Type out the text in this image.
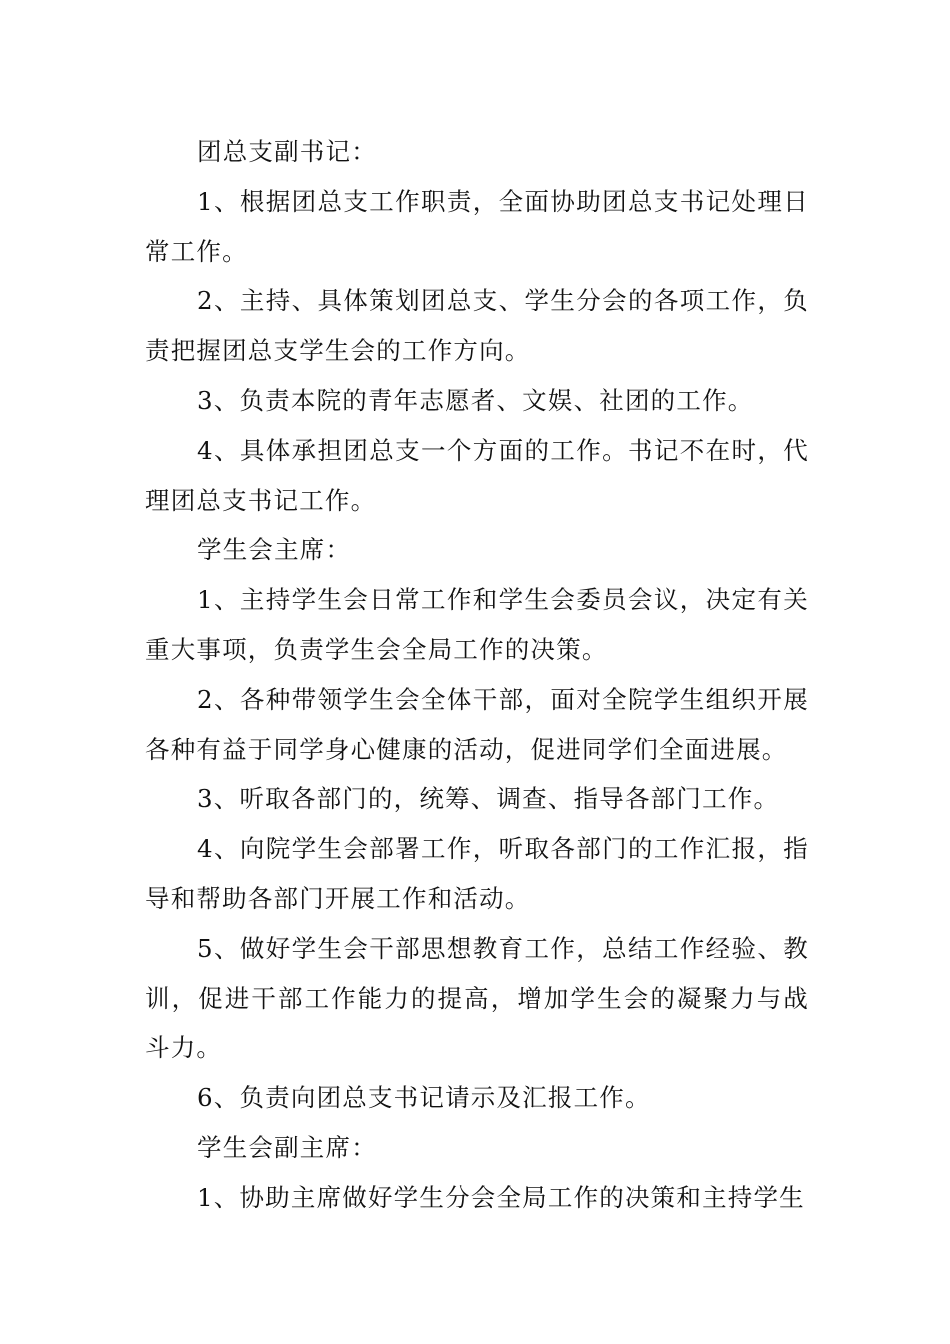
团总支副书记：

1、根据团总支工作职责，全面协助团总支书记处理日常工作。

2、主持、具体策划团总支、学生分会的各项工作，负责把握团总支学生会的工作方向。

3、负责本院的青年志愿者、文娱、社团的工作。

4、具体承担团总支一个方面的工作。书记不在时，代理团总支书记工作。

学生会主席：

1、主持学生会日常工作和学生会委员会议，决定有关重大事项，负责学生会全局工作的决策。

2、各种带领学生会全体干部，面对全院学生组织开展各种有益于同学身心健康的活动，促进同学们全面进展。

3、听取各部门的，统筹、调查、指导各部门工作。

4、向院学生会部署工作，听取各部门的工作汇报，指导和帮助各部门开展工作和活动。

5、做好学生会干部思想教育工作，总结工作经验、教训，促进干部工作能力的提高，增加学生会的凝聚力与战斗力。

6、负责向团总支书记请示及汇报工作。

学生会副主席：

1、协助主席做好学生分会全局工作的决策和主持学生
